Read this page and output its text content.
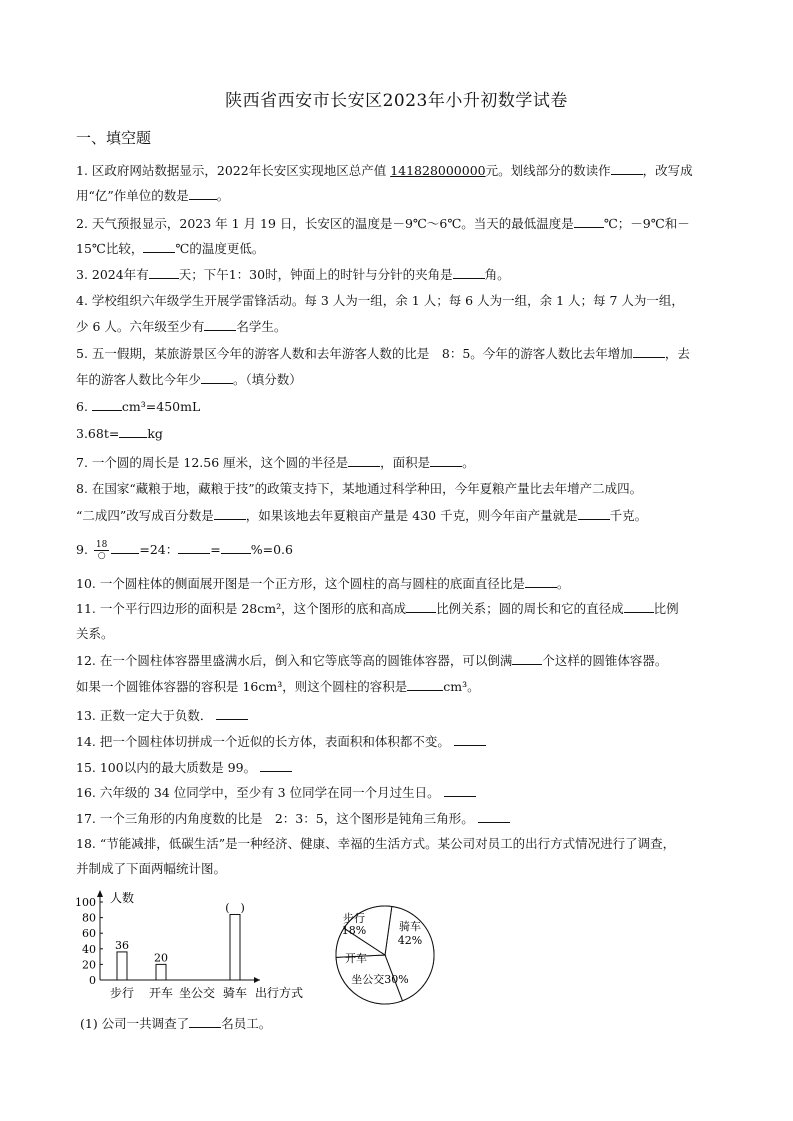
陕西省西安市长安区2023年小升初数学试卷
一、填空题
1. 区政府网站数据显示，2022年长安区实现地区总产值 141828000000元。划线部分的数读作	，改写成
用“亿”作单位的数是 。
2. 天气预报显示，2023 年 1 月 19 日，长安区的温度是－9℃～6℃。当天的最低温度是 ℃；－9℃和－
15℃比较，	℃的温度更低。
3. 2024年有 天；下午1：30时，钟面上的时针与分针的夹角是	角。
4. 学校组织六年级学生开展学雷锋活动。每 3 人为一组，余 1 人；每 6 人为一组，余 1 人；每 7 人为一组，
少 6 人。六年级至少有	名学生。
5. 五一假期，某旅游景区今年的游客人数和去年游客人数的比是　8：5。今年的游客人数比去年增加	，去
年的游客人数比今年少	。（填分数）
6. cm³=450mL
3.68t= kg
7. 一个圆的周长是 12.56 厘米，这个圆的半径是	，面积是	。
8. 在国家“藏粮于地，藏粮于技”的政策支持下，某地通过科学种田，今年夏粮产量比去年增产二成四。
“二成四”改写成百分数是	，如果该地去年夏粮亩产量是 430 千克，则今年亩产量就是	千克。
9. $\frac{18}{○} =24$：	= %=0.6
10. 一个圆柱体的侧面展开图是一个正方形，这个圆柱的高与圆柱的底面直径比是	。
11. 一个平行四边形的面积是 28cm²，这个图形的底和高成 比例关系；圆的周长和它的直径成 比例
关系。
12. 在一个圆柱体容器里盛满水后，倒入和它等底等高的圆锥体容器，可以倒满 个这样的圆锥体容器。
如果一个圆锥体容器的容积是 16cm³，则这个圆柱的容积是	cm³。
13. 正数一定大于负数．
14. 把一个圆柱体切拼成一个近似的长方体，表面积和体积都不变。
15. 100以内的最大质数是 99。
16. 六年级的 34 位同学中，至少有 3 位同学在同一个月过生日。
17. 一个三角形的内角度数的比是　2：3：5，这个图形是钝角三角形。
18. “节能减排，低碳生活”是一种经济、健康、幸福的生活方式。某公司对员工的出行方式情况进行了调查，
并制成了下面两幅统计图。
0
20
40
60
80
100 人数
36
步行
20
开车 坐公交
(　)
骑车 出行方式
步行
18%
开车
坐公交30%
骑车
42%
(1) 公司一共调查了	名员工。
